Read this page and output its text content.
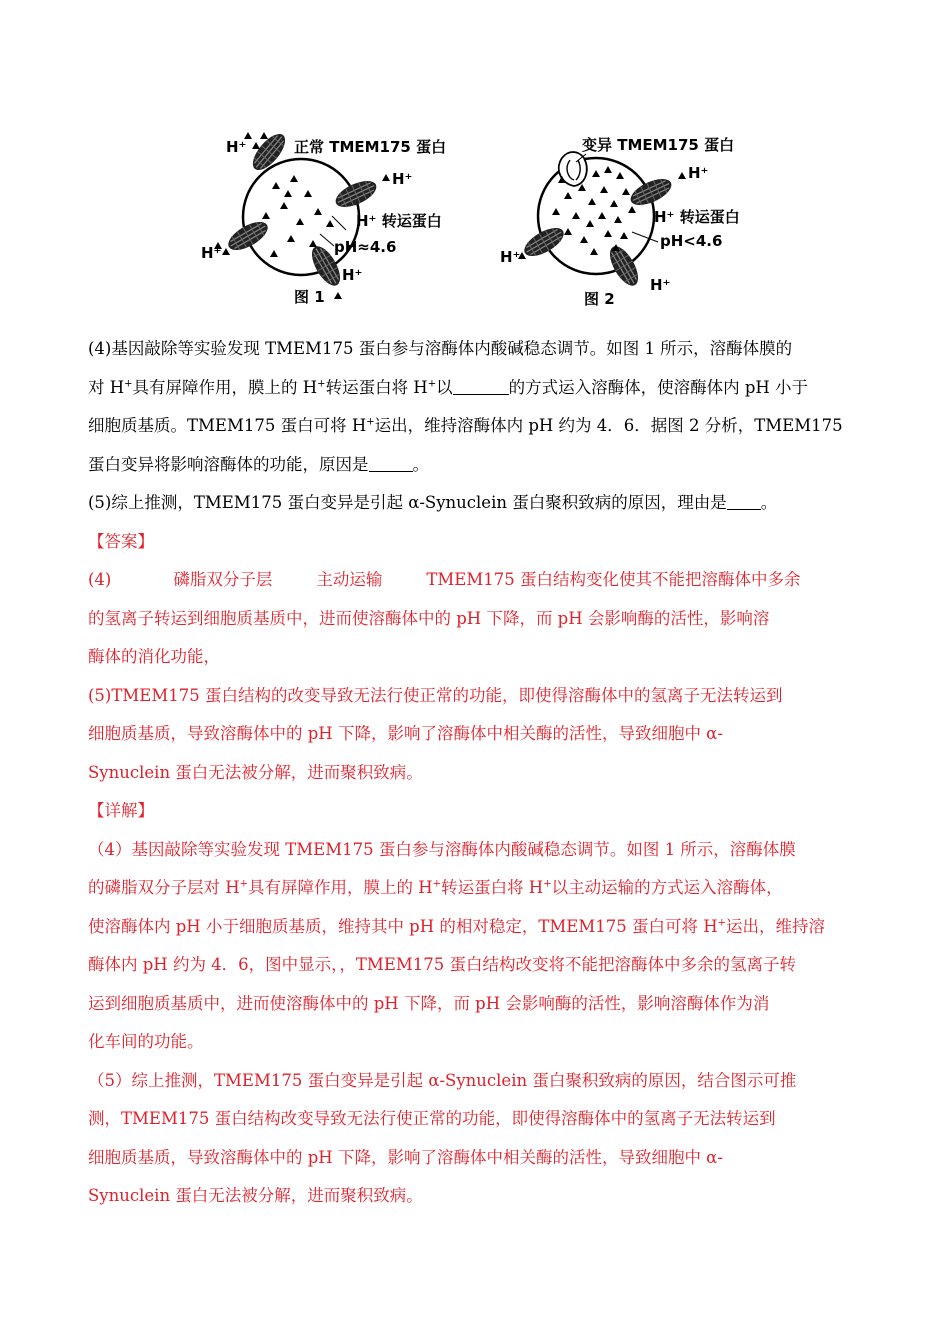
H⁺	正常 TMEM175 蛋白
H⁺
H⁺ 转运蛋白
pH≈4.6
H⁺
H⁺
图 1
变异 TMEM175 蛋白
H⁺
H⁺ 转运蛋白
pH<4.6
H⁺
H⁺
图 2

(4)基因敲除等实验发现 TMEM175 蛋白参与溶酶体内酸碱稳态调节。如图 1 所示，溶酶体膜的

对 H+具有屏障作用，膜上的 H+转运蛋白将 H+以	的方式运入溶酶体，使溶酶体内 pH 小于

细胞质基质。TMEM175 蛋白可将 H+运出，维持溶酶体内 pH 约为 4．6．据图 2 分析，TMEM175

蛋白变异将影响溶酶体的功能，原因是	。

(5)综上推测，TMEM175 蛋白变异是引起 α-Synuclein 蛋白聚积致病的原因，理由是 。

【答案】

(4)	磷脂双分子层	主动运输	TMEM175 蛋白结构变化使其不能把溶酶体中多余

的氢离子转运到细胞质基质中，进而使溶酶体中的 pH 下降，而 pH 会影响酶的活性，影响溶

酶体的消化功能，

(5)TMEM175 蛋白结构的改变导致无法行使正常的功能，即使得溶酶体中的氢离子无法转运到

细胞质基质，导致溶酶体中的 pH 下降，影响了溶酶体中相关酶的活性，导致细胞中 α-

Synuclein 蛋白无法被分解，进而聚积致病。

【详解】

（4）基因敲除等实验发现 TMEM175 蛋白参与溶酶体内酸碱稳态调节。如图 1 所示，溶酶体膜

的磷脂双分子层对 H+具有屏障作用，膜上的 H+转运蛋白将 H+以主动运输的方式运入溶酶体，

使溶酶体内 pH 小于细胞质基质，维持其中 pH 的相对稳定，TMEM175 蛋白可将 H+运出，维持溶

酶体内 pH 约为 4．6，图中显示，，TMEM175 蛋白结构改变将不能把溶酶体中多余的氢离子转

运到细胞质基质中，进而使溶酶体中的 pH 下降，而 pH 会影响酶的活性，影响溶酶体作为消

化车间的功能。

（5）综上推测，TMEM175 蛋白变异是引起 α-Synuclein 蛋白聚积致病的原因，结合图示可推

测，TMEM175 蛋白结构改变导致无法行使正常的功能，即使得溶酶体中的氢离子无法转运到

细胞质基质，导致溶酶体中的 pH 下降，影响了溶酶体中相关酶的活性，导致细胞中 α-

Synuclein 蛋白无法被分解，进而聚积致病。
